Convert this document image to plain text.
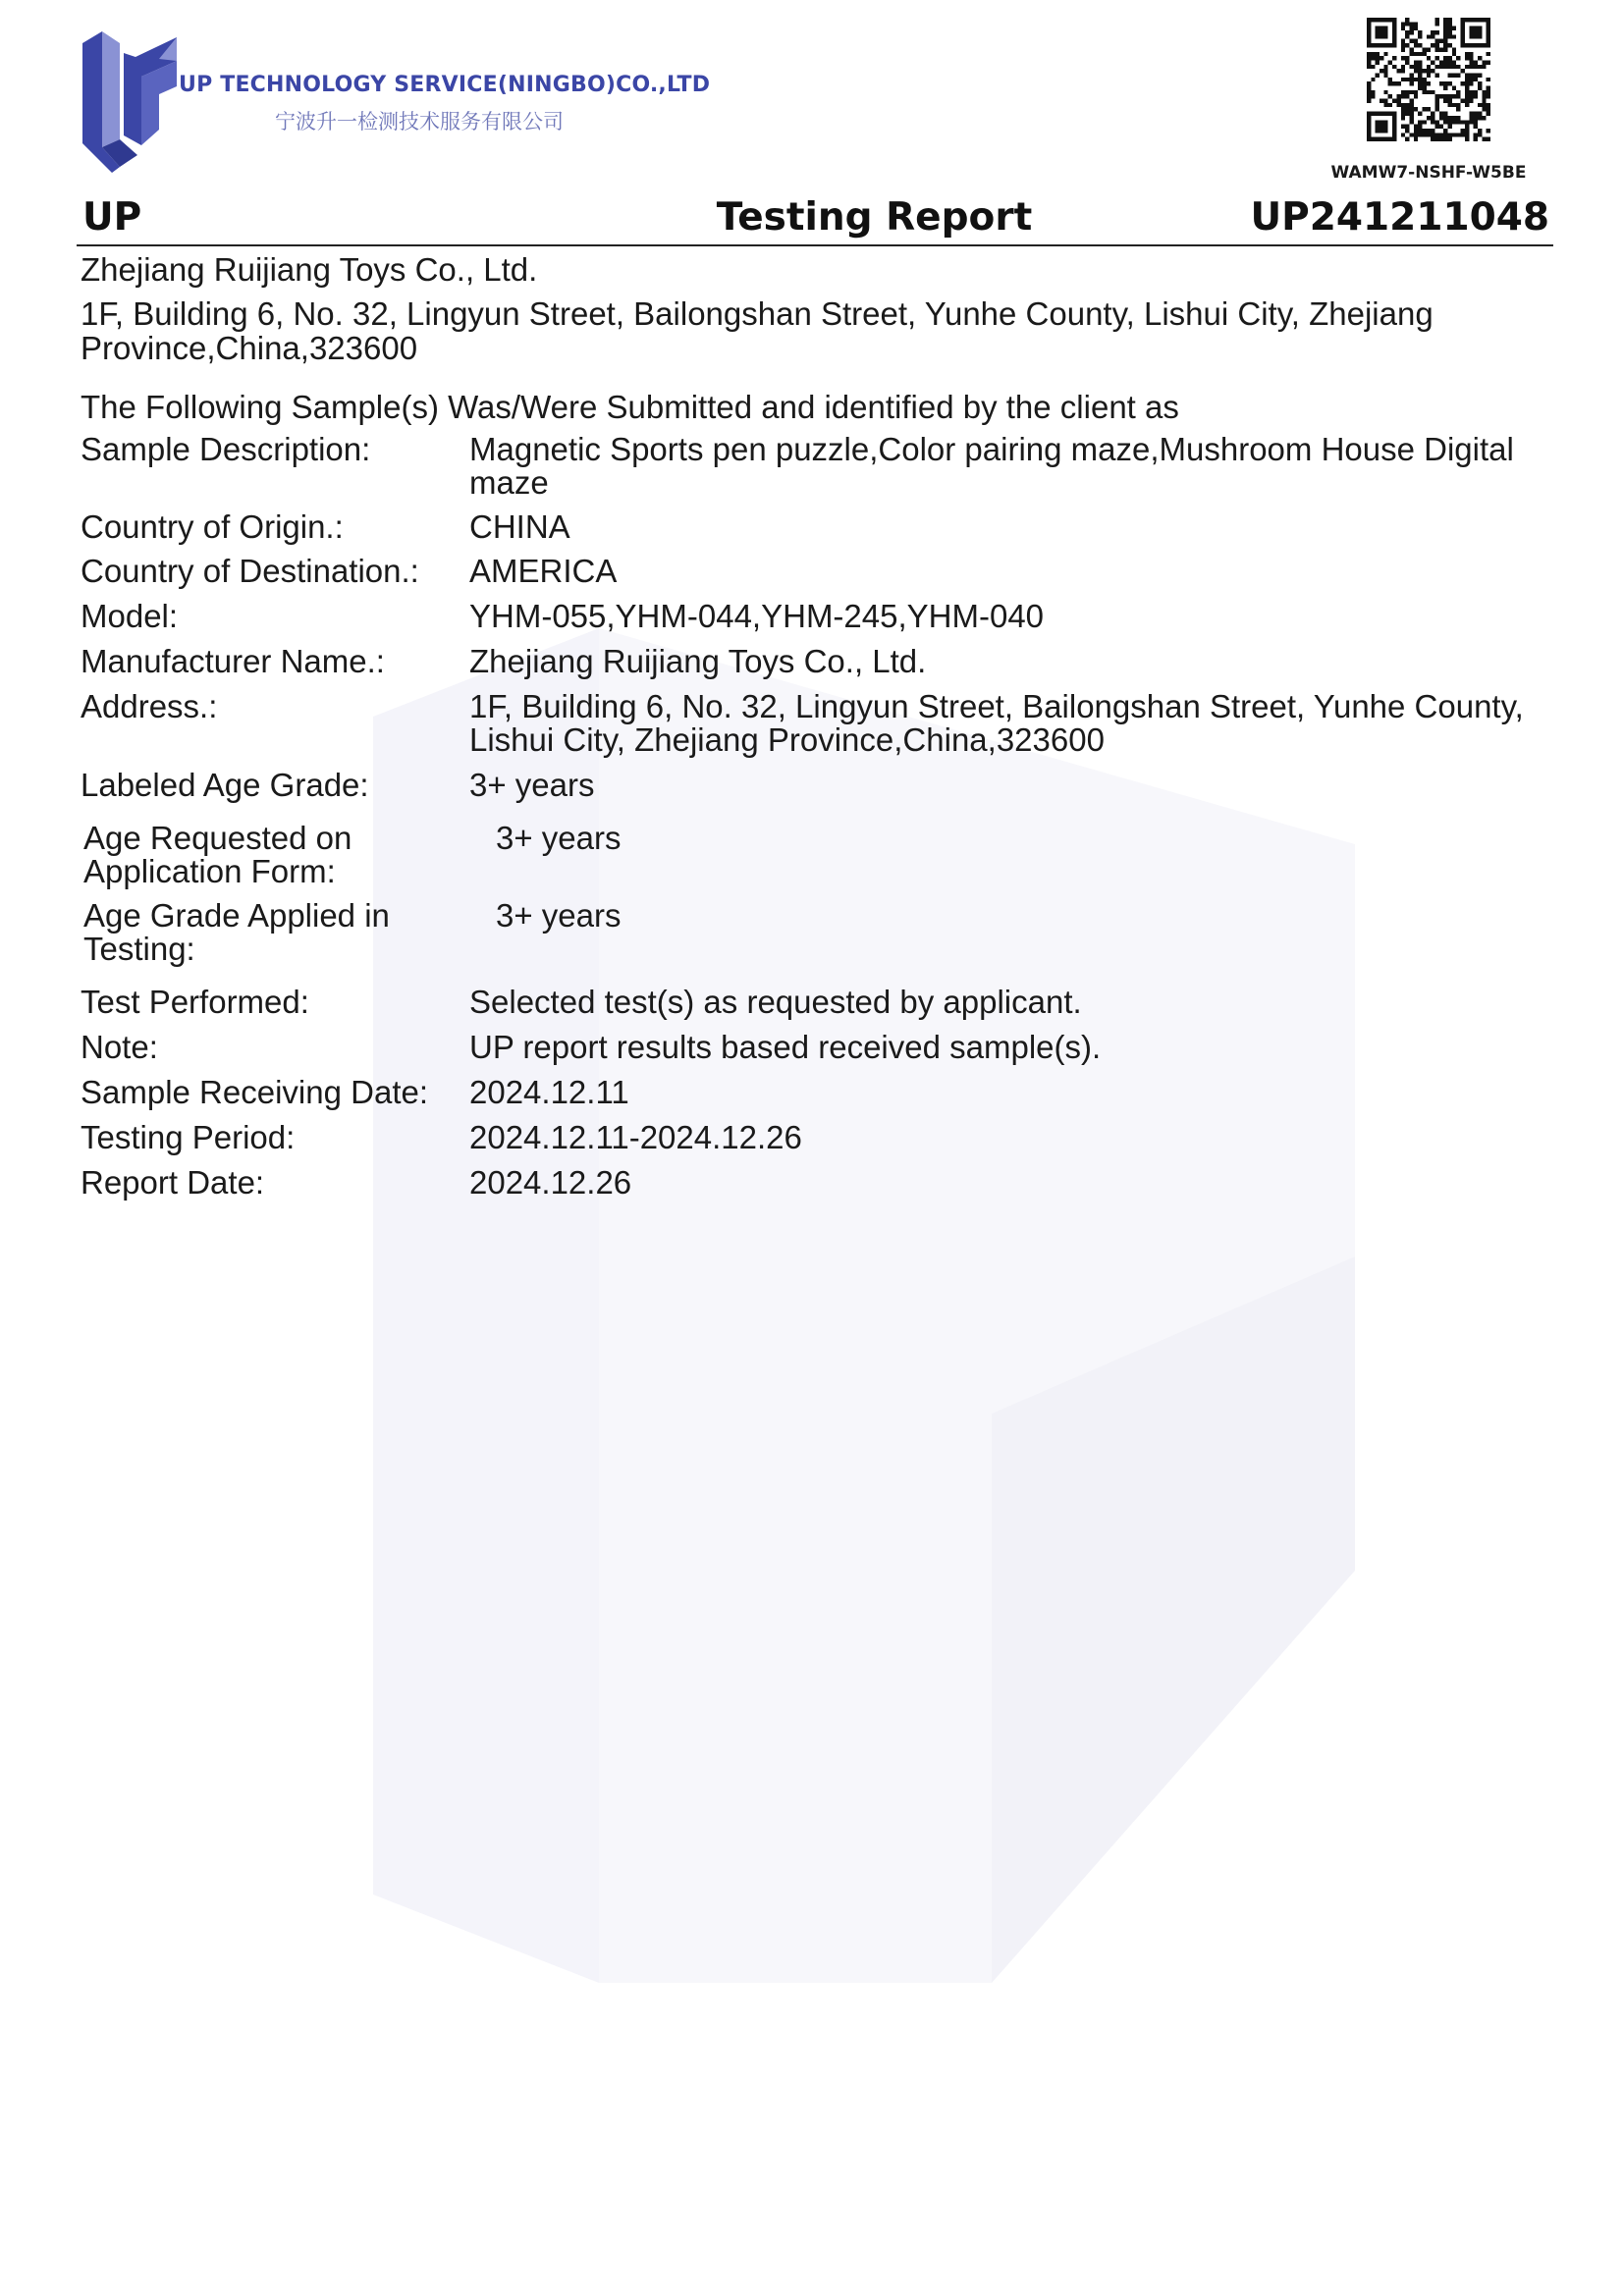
UP TECHNOLOGY SERVICE(NINGBO)CO.,LTD
宁波升一检测技术服务有限公司
WAMW7-NSHF-W5BE
UP	Testing Report	UP241211048
Zhejiang Ruijiang Toys Co., Ltd.
1F, Building 6, No. 32, Lingyun Street, Bailongshan Street, Yunhe County, Lishui City, Zhejiang Province,China,323600
The Following Sample(s) Was/Were Submitted and identified by the client as
Sample Description:	Magnetic Sports pen puzzle,Color pairing maze,Mushroom House Digital maze
Country of Origin.:	CHINA
Country of Destination.:	AMERICA
Model:	YHM-055,YHM-044,YHM-245,YHM-040
Manufacturer Name.:	Zhejiang Ruijiang Toys Co., Ltd.
Address.:	1F, Building 6, No. 32, Lingyun Street, Bailongshan Street, Yunhe County, Lishui City, Zhejiang Province,China,323600
Labeled Age Grade:	3+ years
Age Requested on Application Form:
3+ years
Age Grade Applied in Testing:
3+ years
Test Performed:	Selected test(s) as requested by applicant.
Note:	UP report results based received sample(s).
Sample Receiving Date:	2024.12.11
Testing Period:	2024.12.11-2024.12.26
Report Date:	2024.12.26
